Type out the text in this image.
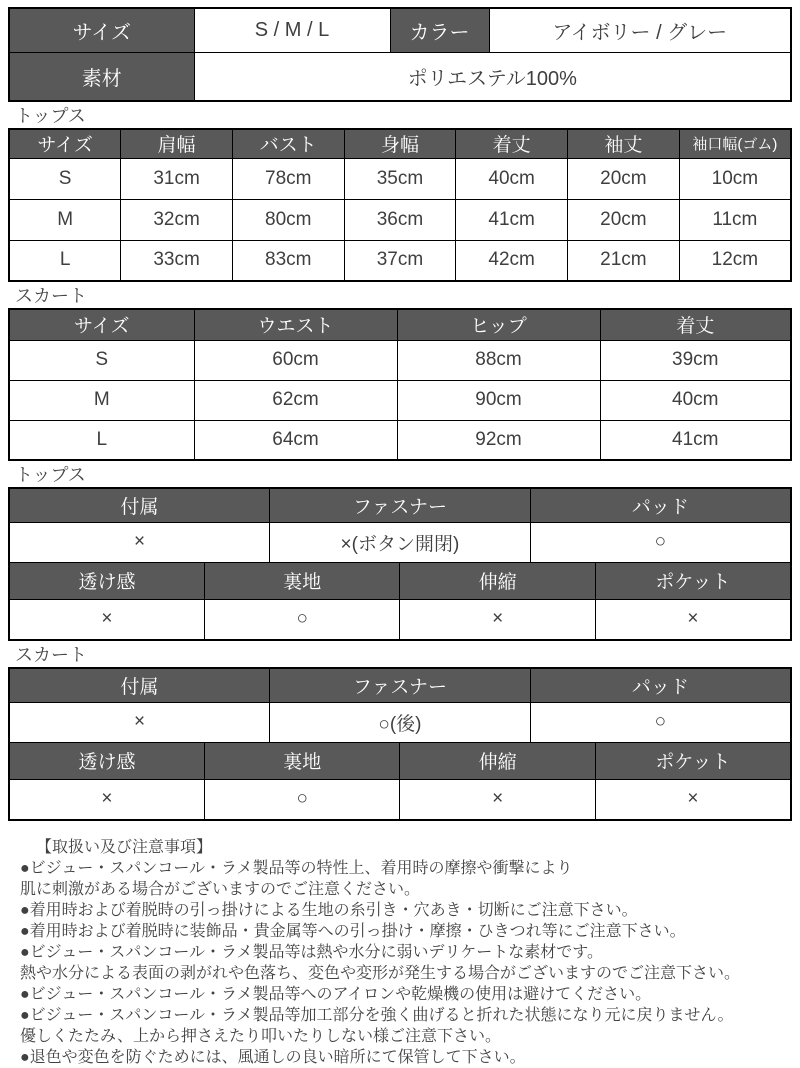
サイズ	S / M / L	カラー	アイボリー / グレー
素材	ポリエステル100%		
トップス
サイズ	肩幅	バスト	身幅	着丈	袖丈	袖口幅(ゴム)
S	31cm	78cm	35cm	40cm	20cm	10cm
M	32cm	80cm	36cm	41cm	20cm	11cm
L	33cm	83cm	37cm	42cm	21cm	12cm
スカート
サイズ	ウエスト	ヒップ	着丈
S	60cm	88cm	39cm
M	62cm	90cm	40cm
L	64cm	92cm	41cm
トップス
付属		ファスナー		パッド	
×		×(ボタン開閉)		○	
透け感	裏地		伸縮		ポケット
×	○		×		×
スカート
付属		ファスナー		パッド	
×		○(後)		○	
透け感	裏地		伸縮		ポケット
×	○		×		×
【取扱い及び注意事項】
●ビジュー・スパンコール・ラメ製品等の特性上、着用時の摩擦や衝撃により
肌に刺激がある場合がございますのでご注意ください。
●着用時および着脱時の引っ掛けによる生地の糸引き・穴あき・切断にご注意下さい。
●着用時および着脱時に装飾品・貴金属等への引っ掛け・摩擦・ひきつれ等にご注意下さい。
●ビジュー・スパンコール・ラメ製品等は熱や水分に弱いデリケートな素材です。
熱や水分による表面の剥がれや色落ち、変色や変形が発生する場合がございますのでご注意下さい。
●ビジュー・スパンコール・ラメ製品等へのアイロンや乾燥機の使用は避けてください。
●ビジュー・スパンコール・ラメ製品等加工部分を強く曲げると折れた状態になり元に戻りません。
優しくたたみ、上から押さえたり叩いたりしない様ご注意下さい。
●退色や変色を防ぐためには、風通しの良い暗所にて保管して下さい。
